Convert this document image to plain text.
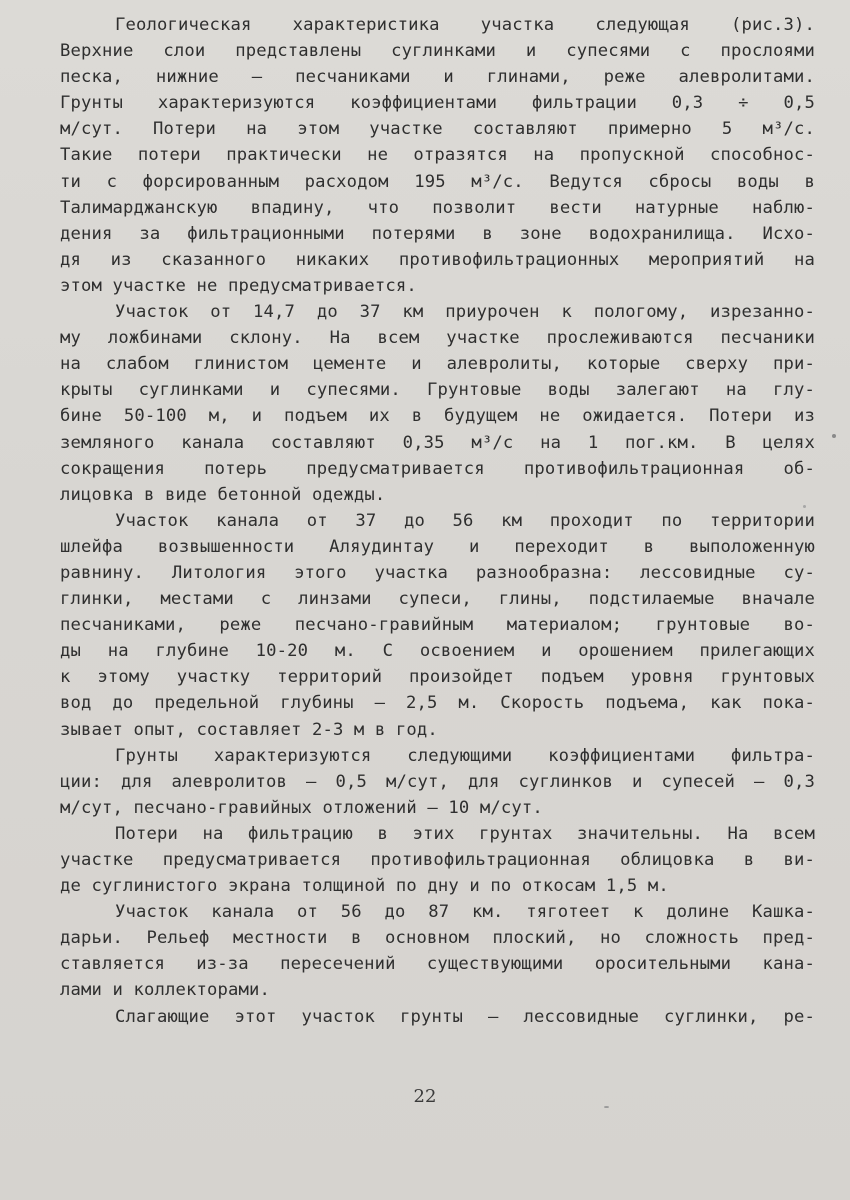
Геологическая характеристика участка следующая (рис.3).
Верхние слои представлены суглинками и супесями с прослоями
песка, нижние – песчаниками и глинами, реже алевролитами.
Грунты характеризуются коэффициентами фильтрации 0,3 ÷ 0,5
м/сут. Потери на этом участке составляют примерно 5 м³/с.
Такие потери практически не отразятся на пропускной способнос-
ти с форсированным расходом 195 м³/с. Ведутся сбросы воды в
Талимарджанскую впадину, что позволит вести натурные наблю-
дения за фильтрационными потерями в зоне водохранилища. Исхо-
дя из сказанного никаких противофильтрационных мероприятий на
этом участке не предусматривается.
Участок от 14,7 до 37 км приурочен к пологому, изрезанно-
му ложбинами склону. На всем участке прослеживаются песчаники
на слабом глинистом цементе и алевролиты, которые сверху при-
крыты суглинками и супесями. Грунтовые воды залегают на глу-
бине 50-100 м, и подъем их в будущем не ожидается. Потери из
земляного канала составляют 0,35 м³/с на 1 пог.км. В целях
сокращения потерь предусматривается противофильтрационная об-
лицовка в виде бетонной одежды.
Участок канала от 37 до 56 км проходит по территории
шлейфа возвышенности Аляудинтау и переходит в выположенную
равнину. Литология этого участка разнообразна: лессовидные су-
глинки, местами с линзами супеси, глины, подстилаемые вначале
песчаниками, реже песчано-гравийным материалом; грунтовые во-
ды на глубине 10-20 м. С освоением и орошением прилегающих
к этому участку территорий произойдет подъем уровня грунтовых
вод до предельной глубины – 2,5 м. Скорость подъема, как пока-
зывает опыт, составляет 2-3 м в год.
Грунты характеризуются следующими коэффициентами фильтра-
ции: для алевролитов – 0,5 м/сут, для суглинков и супесей – 0,3
м/сут, песчано-гравийных отложений – 10 м/сут.
Потери на фильтрацию в этих грунтах значительны. На всем
участке предусматривается противофильтрационная облицовка в ви-
де суглинистого экрана толщиной по дну и по откосам 1,5 м.
Участок канала от 56 до 87 км. тяготеет к долине Кашка-
дарьи. Рельеф местности в основном плоский, но сложность пред-
ставляется из-за пересечений существующими оросительными кана-
лами и коллекторами.
Слагающие этот участок грунты – лессовидные суглинки, ре-
22
